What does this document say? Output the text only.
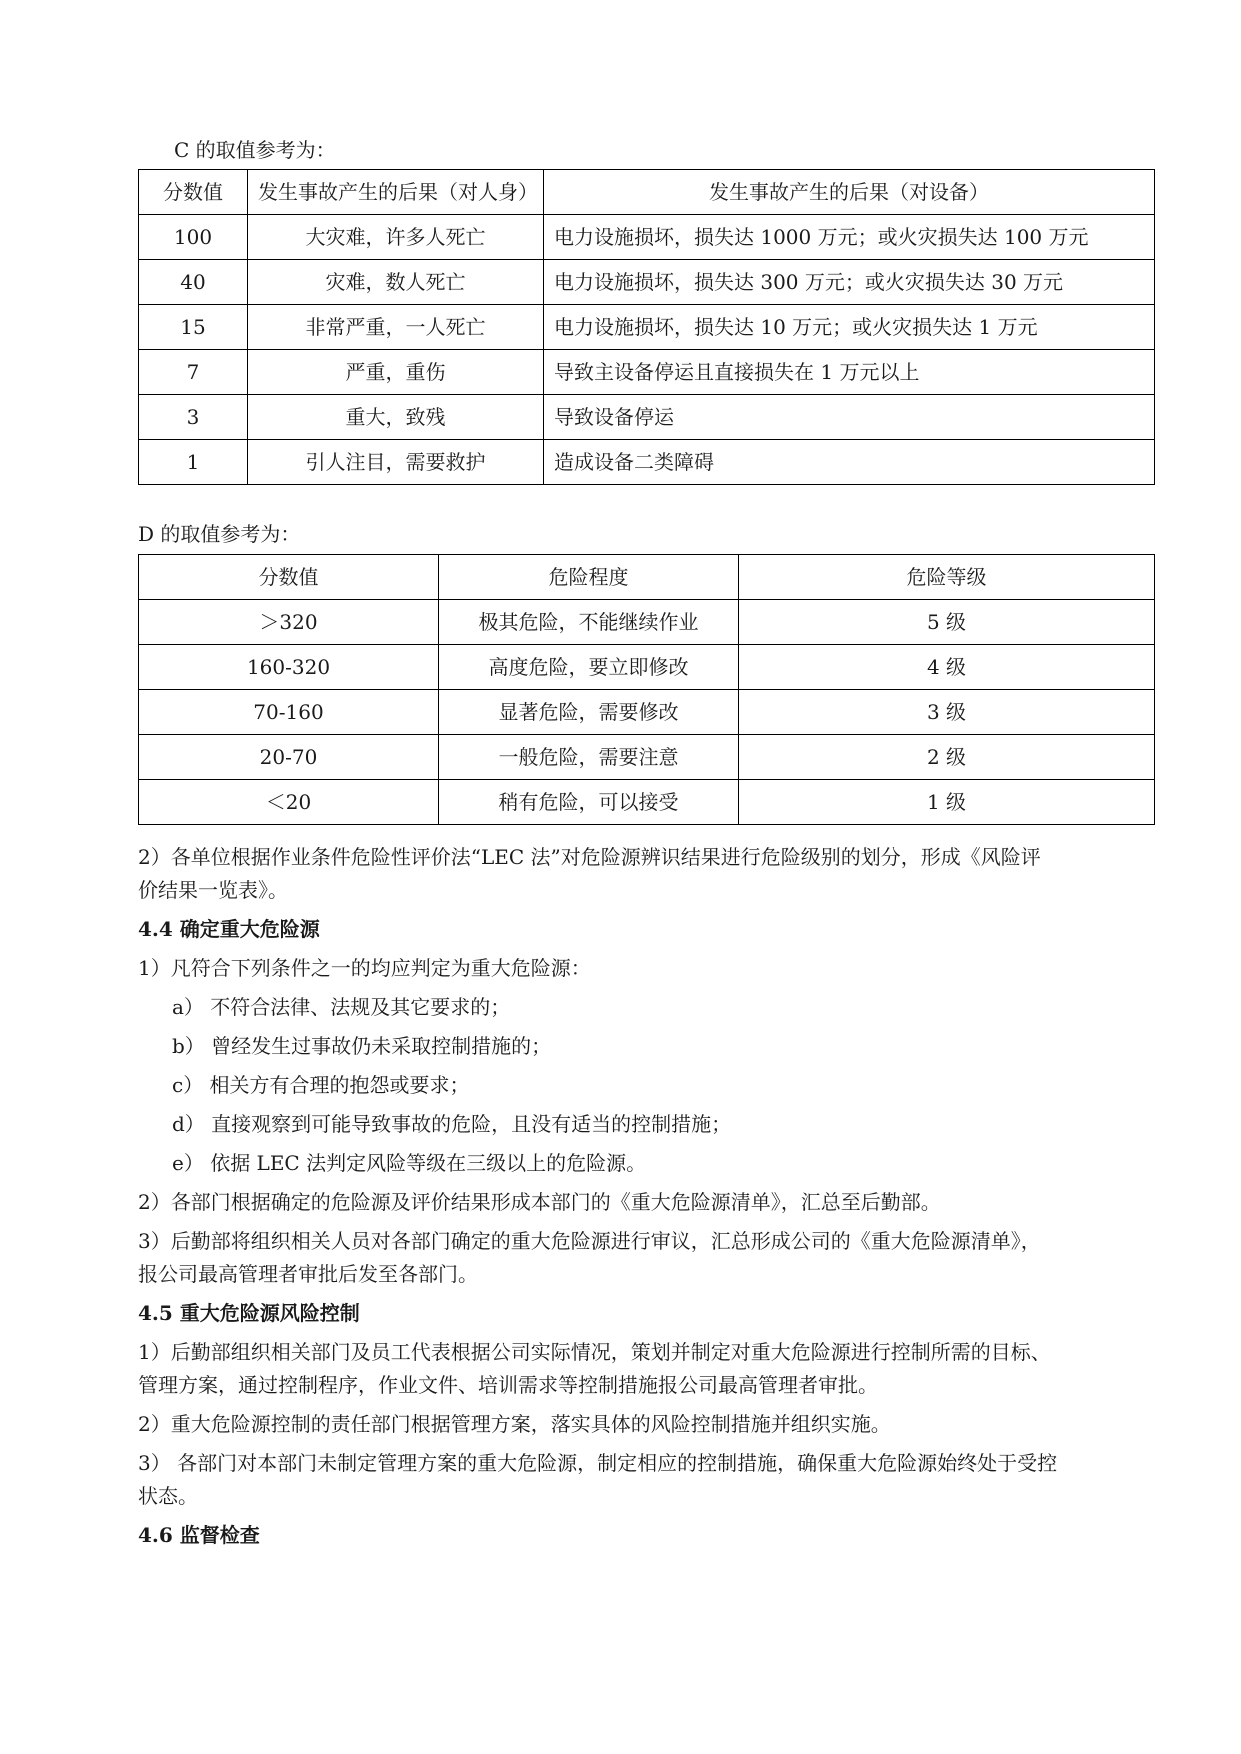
C 的取值参考为：
分数值	发生事故产生的后果（对人身）	发生事故产生的后果（对设备）
100	大灾难，许多人死亡	电力设施损坏，损失达 1000 万元；或火灾损失达 100 万元
40	灾难，数人死亡	电力设施损坏，损失达 300 万元；或火灾损失达 30 万元
15	非常严重，一人死亡	电力设施损坏，损失达 10 万元；或火灾损失达 1 万元
7	严重，重伤	导致主设备停运且直接损失在 1 万元以上
3	重大，致残	导致设备停运
1	引人注目，需要救护	造成设备二类障碍
D 的取值参考为：
分数值	危险程度	危险等级
＞320	极其危险，不能继续作业	5 级
160-320	高度危险，要立即修改	4 级
70-160	显著危险，需要修改	3 级
20-70	一般危险，需要注意	2 级
＜20	稍有危险，可以接受	1 级
2）各单位根据作业条件危险性评价法“LEC 法”对危险源辨识结果进行危险级别的划分，形成《风险评
价结果一览表》。
4.4 确定重大危险源
1）凡符合下列条件之一的均应判定为重大危险源：
a） 不符合法律、法规及其它要求的；
b） 曾经发生过事故仍未采取控制措施的；
c） 相关方有合理的抱怨或要求；
d） 直接观察到可能导致事故的危险，且没有适当的控制措施；
e） 依据 LEC 法判定风险等级在三级以上的危险源。
2）各部门根据确定的危险源及评价结果形成本部门的《重大危险源清单》，汇总至后勤部。
3）后勤部将组织相关人员对各部门确定的重大危险源进行审议，汇总形成公司的《重大危险源清单》，
报公司最高管理者审批后发至各部门。
4.5 重大危险源风险控制
1）后勤部组织相关部门及员工代表根据公司实际情况，策划并制定对重大危险源进行控制所需的目标、
管理方案，通过控制程序，作业文件、培训需求等控制措施报公司最高管理者审批。
2）重大危险源控制的责任部门根据管理方案，落实具体的风险控制措施并组织实施。
3） 各部门对本部门未制定管理方案的重大危险源，制定相应的控制措施，确保重大危险源始终处于受控
状态。
4.6 监督检查
